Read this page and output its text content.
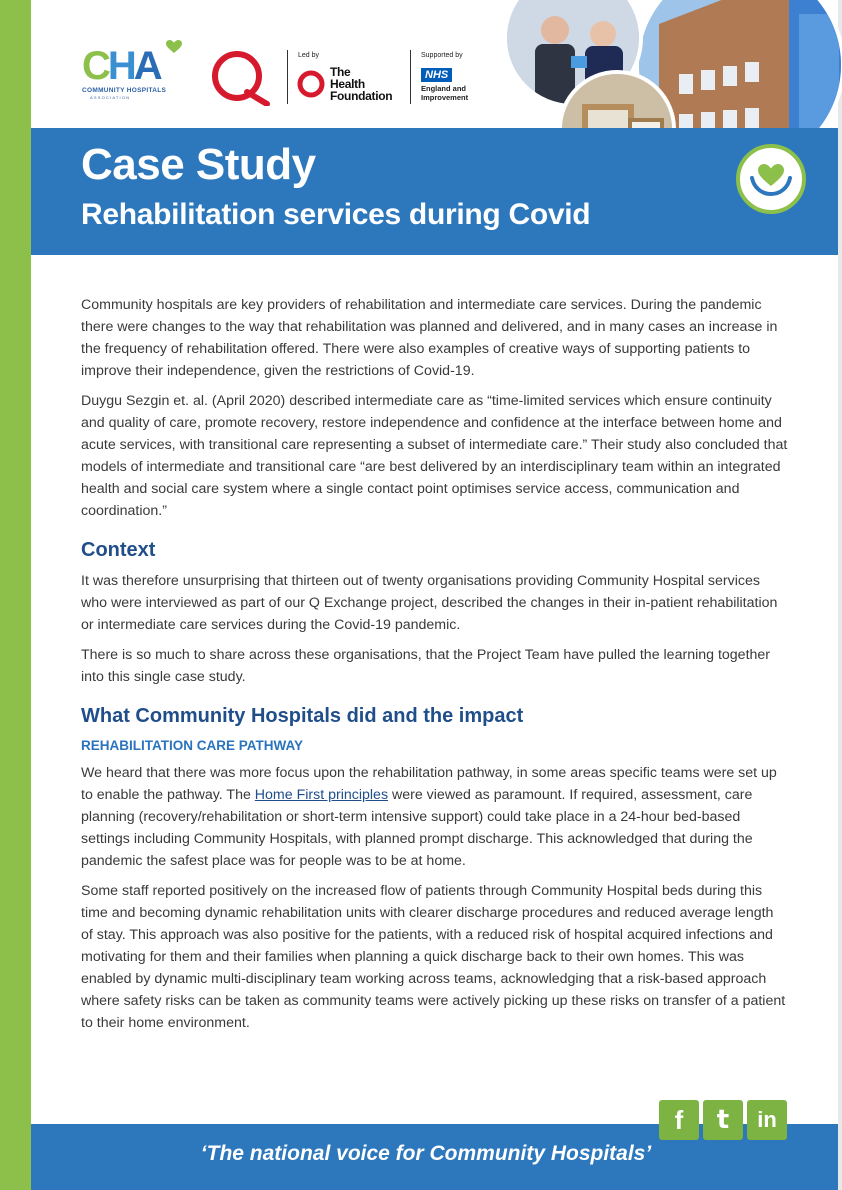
CHA
COMMUNITY HOSPITALS
ASSOCIATION
Led by
The
Health
Foundation
Supported by
NHS
England and
Improvement
Case Study
Rehabilitation services during Covid

Community hospitals are key providers of rehabilitation and intermediate care services. During the pandemic there were changes to the way that rehabilitation was planned and delivered, and in many cases an increase in the frequency of rehabilitation offered. There were also examples of creative ways of supporting patients to improve their independence, given the restrictions of Covid-19.

Duygu Sezgin et. al. (April 2020) described intermediate care as “time-limited services which ensure continuity and quality of care, promote recovery, restore independence and confidence at the interface between home and acute services, with transitional care representing a subset of intermediate care.” Their study also concluded that models of intermediate and transitional care “are best delivered by an interdisciplinary team within an integrated health and social care system where a single contact point optimises service access, communication and coordination.”

Context

It was therefore unsurprising that thirteen out of twenty organisations providing Community Hospital services who were interviewed as part of our Q Exchange project, described the changes in their in-patient rehabilitation or intermediate care services during the Covid-19 pandemic.

There is so much to share across these organisations, that the Project Team have pulled the learning together into this single case study.

What Community Hospitals did and the impact
REHABILITATION CARE PATHWAY

We heard that there was more focus upon the rehabilitation pathway, in some areas specific teams were set up to enable the pathway. The Home First principles were viewed as paramount. If required, assessment, care planning (recovery/rehabilitation or short-term intensive support) could take place in a 24-hour bed-based settings including Community Hospitals, with planned prompt discharge. This acknowledged that during the pandemic the safest place was for people was to be at home.

Some staff reported positively on the increased flow of patients through Community Hospital beds during this time and becoming dynamic rehabilitation units with clearer discharge procedures and reduced average length of stay. This approach was also positive for the patients, with a reduced risk of hospital acquired infections and motivating for them and their families when planning a quick discharge back to their own homes. This was enabled by dynamic multi-disciplinary team working across teams, acknowledging that a risk-based approach where safety risks can be taken as community teams were actively picking up these risks on transfer of a patient to their home environment.

‘The national voice for Community Hospitals’
f	t	in
